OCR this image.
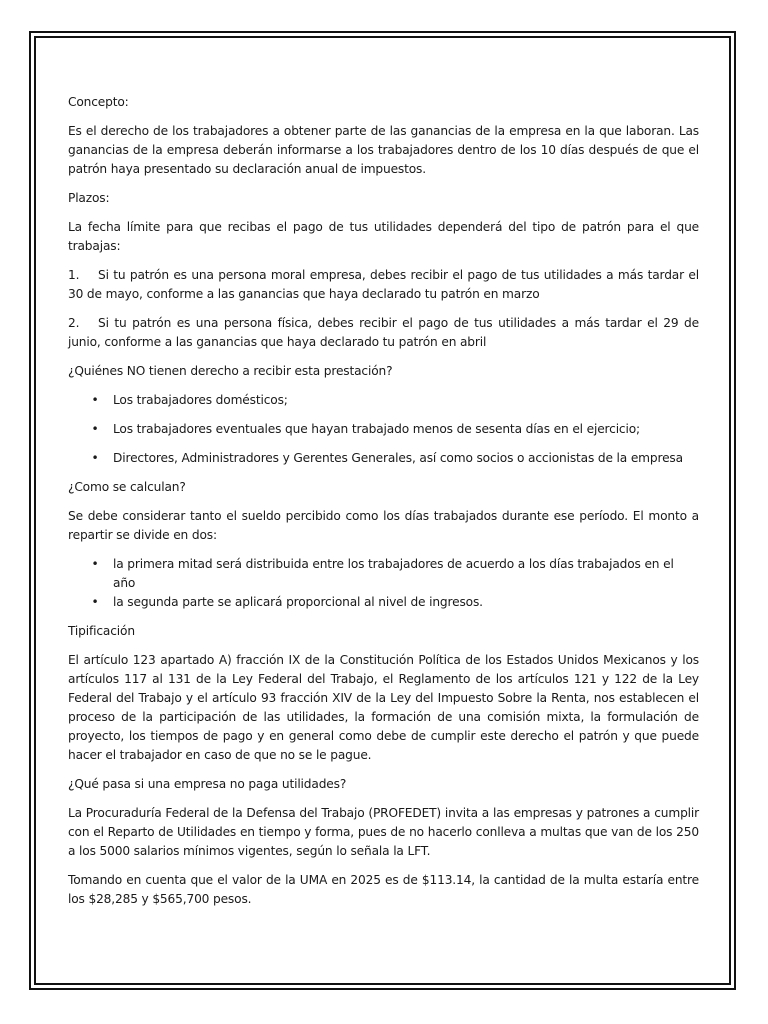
Concepto:

Es el derecho de los trabajadores a obtener parte de las ganancias de la empresa en la que laboran. Las ganancias de la empresa deberán informarse a los trabajadores dentro de los 10 días después de que el patrón haya presentado su declaración anual de impuestos.

Plazos:

La fecha límite para que recibas el pago de tus utilidades dependerá del tipo de patrón para el que trabajas:

1. Si tu patrón es una persona moral empresa, debes recibir el pago de tus utilidades a más tardar el 30 de mayo, conforme a las ganancias que haya declarado tu patrón en marzo

2. Si tu patrón es una persona física, debes recibir el pago de tus utilidades a más tardar el 29 de junio, conforme a las ganancias que haya declarado tu patrón en abril

¿Quiénes NO tienen derecho a recibir esta prestación?

• Los trabajadores domésticos;
• Los trabajadores eventuales que hayan trabajado menos de sesenta días en el ejercicio;
• Directores, Administradores y Gerentes Generales, así como socios o accionistas de la empresa

¿Como se calculan?

Se debe considerar tanto el sueldo percibido como los días trabajados durante ese período. El monto a repartir se divide en dos:

• la primera mitad será distribuida entre los trabajadores de acuerdo a los días trabajados en el año
• la segunda parte se aplicará proporcional al nivel de ingresos.

Tipificación

El artículo 123 apartado A) fracción IX de la Constitución Política de los Estados Unidos Mexicanos y los artículos 117 al 131 de la Ley Federal del Trabajo, el Reglamento de los artículos 121 y 122 de la Ley Federal del Trabajo y el artículo 93 fracción XIV de la Ley del Impuesto Sobre la Renta, nos establecen el proceso de la participación de las utilidades, la formación de una comisión mixta, la formulación de proyecto, los tiempos de pago y en general como debe de cumplir este derecho el patrón y que puede hacer el trabajador en caso de que no se le pague.

¿Qué pasa si una empresa no paga utilidades?

La Procuraduría Federal de la Defensa del Trabajo (PROFEDET) invita a las empresas y patrones a cumplir con el Reparto de Utilidades en tiempo y forma, pues de no hacerlo conlleva a multas que van de los 250 a los 5000 salarios mínimos vigentes, según lo señala la LFT.

Tomando en cuenta que el valor de la UMA en 2025 es de $113.14, la cantidad de la multa estaría entre los $28,285 y $565,700 pesos.
